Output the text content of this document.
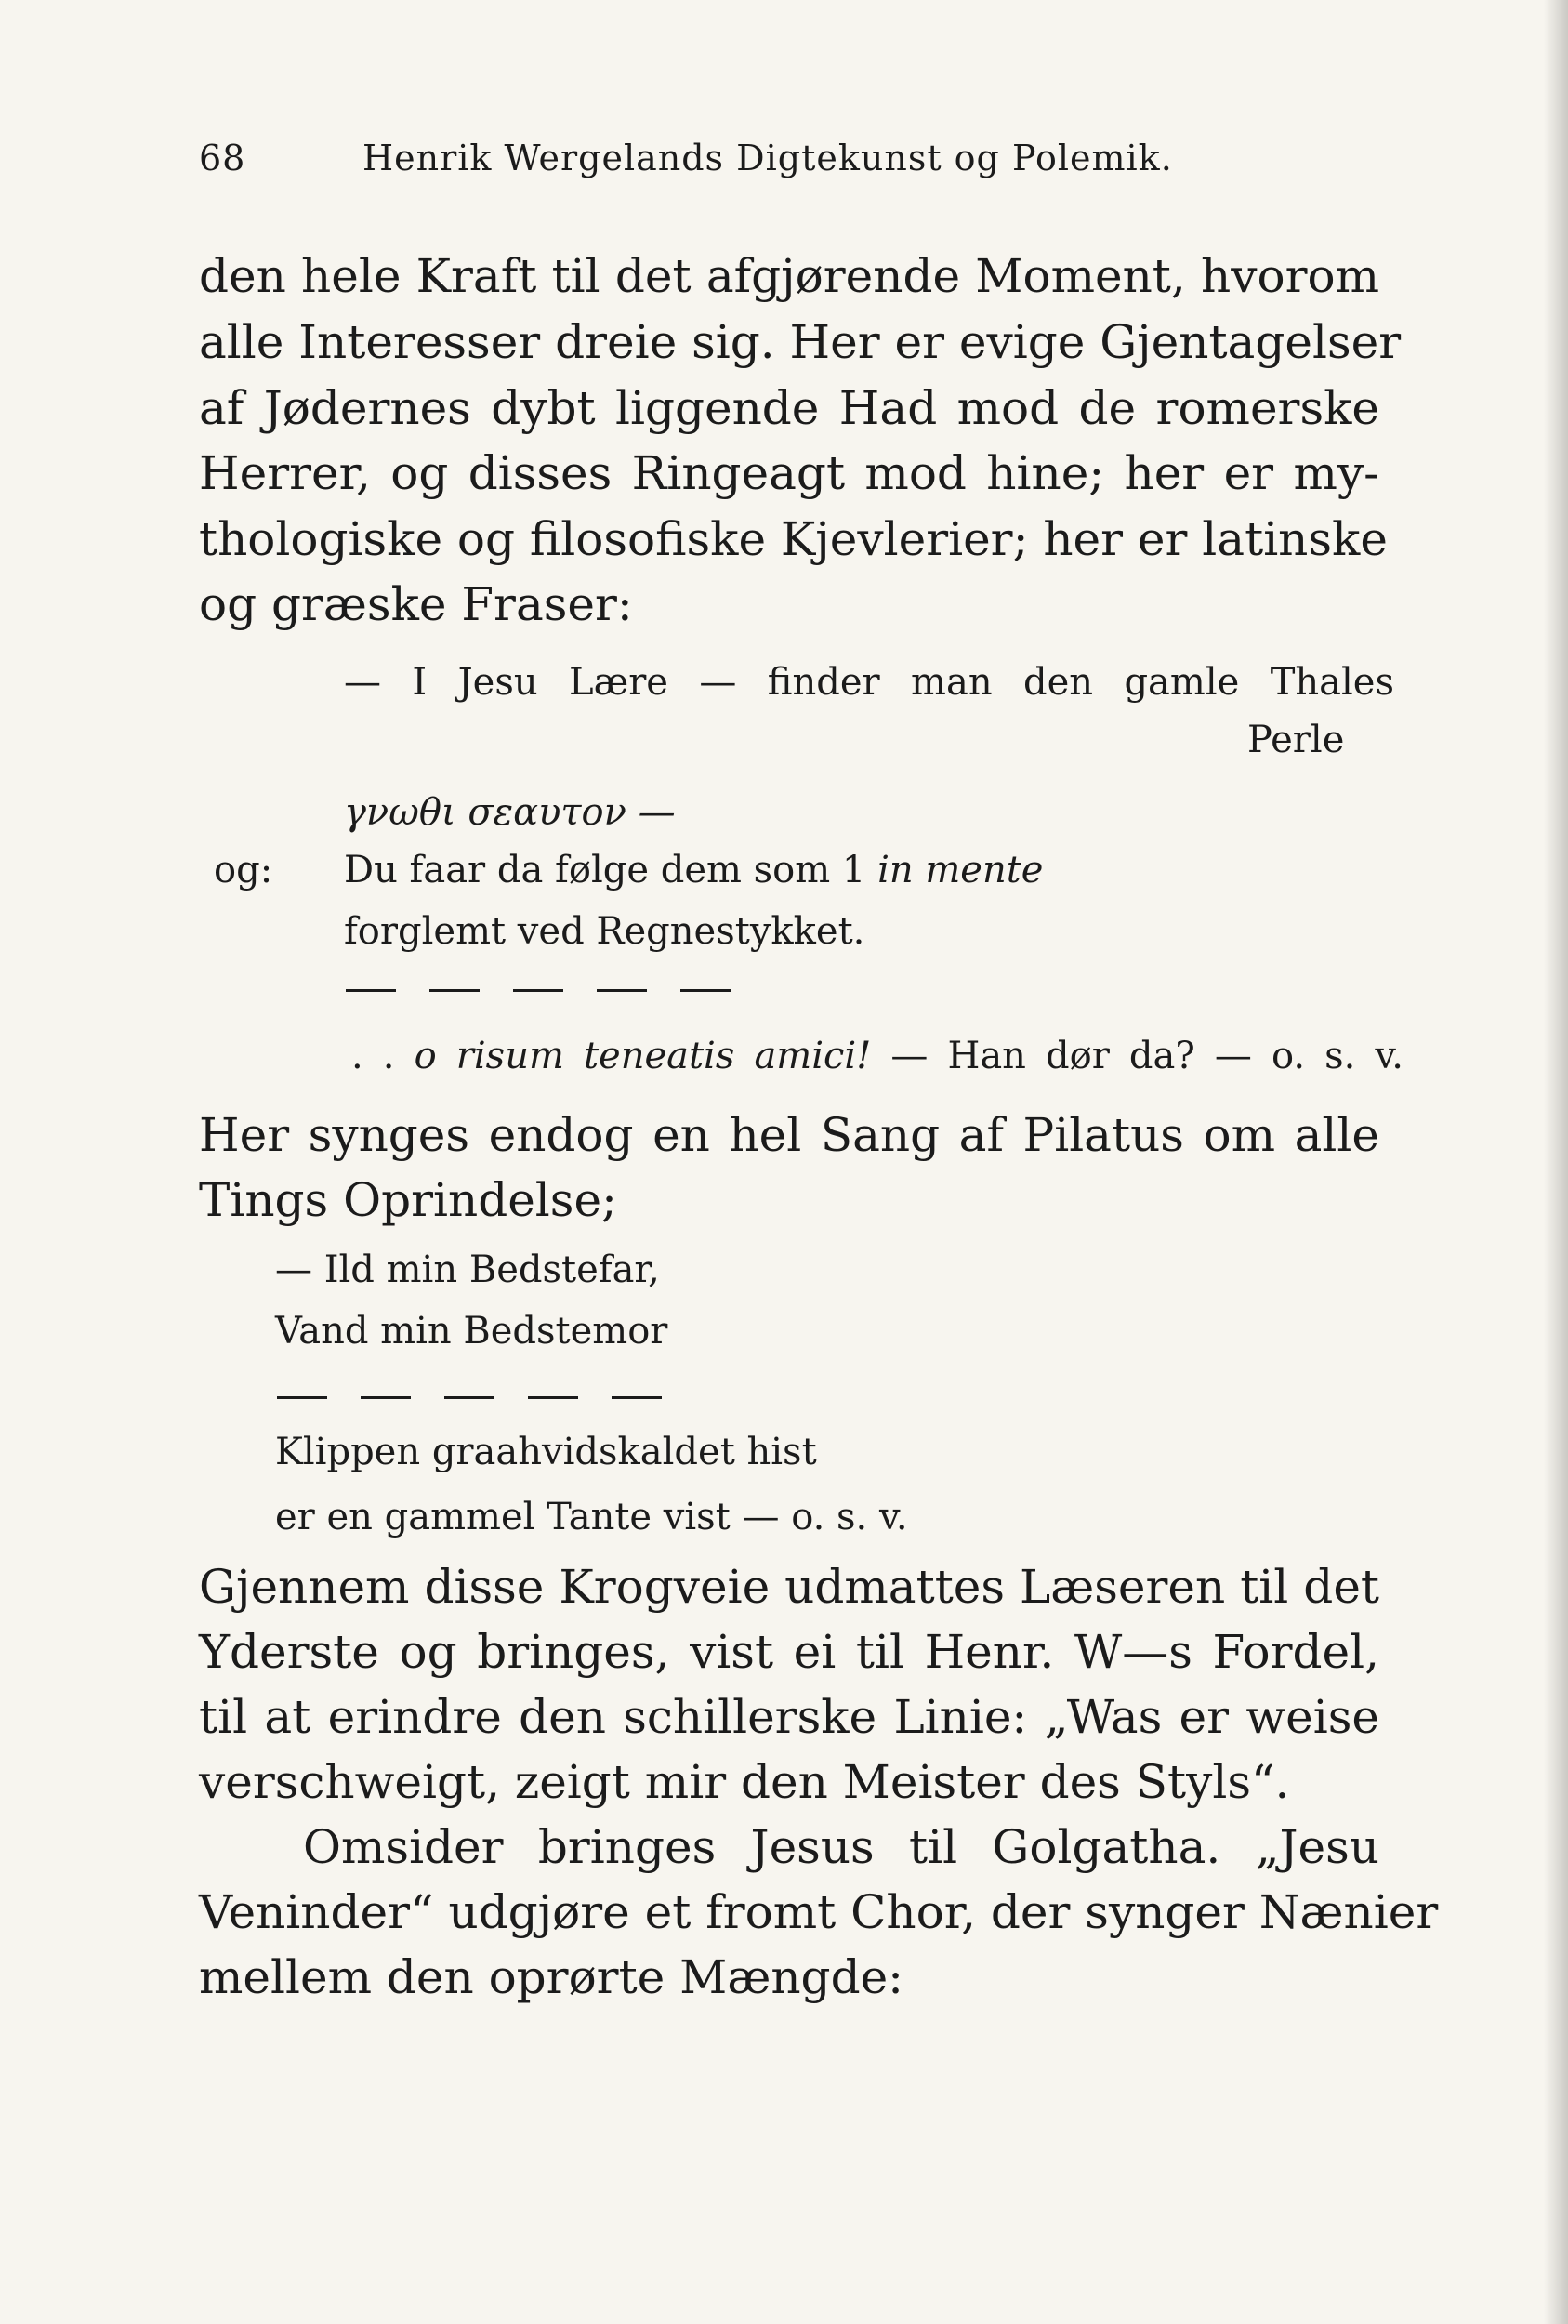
68	Henrik Wergelands Digtekunst og Polemik.
den hele Kraft til det afgjørende Moment, hvorom
alle Interesser dreie sig. Her er evige Gjentagelser
af Jødernes dybt liggende Had mod de romerske
Herrer, og disses Ringeagt mod hine; her er my-
thologiske og filosofiske Kjevlerier; her er latinske
og græske Fraser:
— I Jesu Lære — finder man den gamle Thales
Perle
γνωθι σεαυτον —
og: Du faar da følge dem som 1 in mente
forglemt ved Regnestykket.
. . o risum teneatis amici! — Han dør da? — o. s. v.
Her synges endog en hel Sang af Pilatus om alle
Tings Oprindelse;
— Ild min Bedstefar,
Vand min Bedstemor
Klippen graahvidskaldet hist
er en gammel Tante vist — o. s. v.
Gjennem disse Krogveie udmattes Læseren til det
Yderste og bringes, vist ei til Henr. W—s Fordel,
til at erindre den schillerske Linie: „Was er weise
verschweigt, zeigt mir den Meister des Styls“.
Omsider bringes Jesus til Golgatha. „Jesu
Veninder“ udgjøre et fromt Chor, der synger Nænier
mellem den oprørte Mængde:
